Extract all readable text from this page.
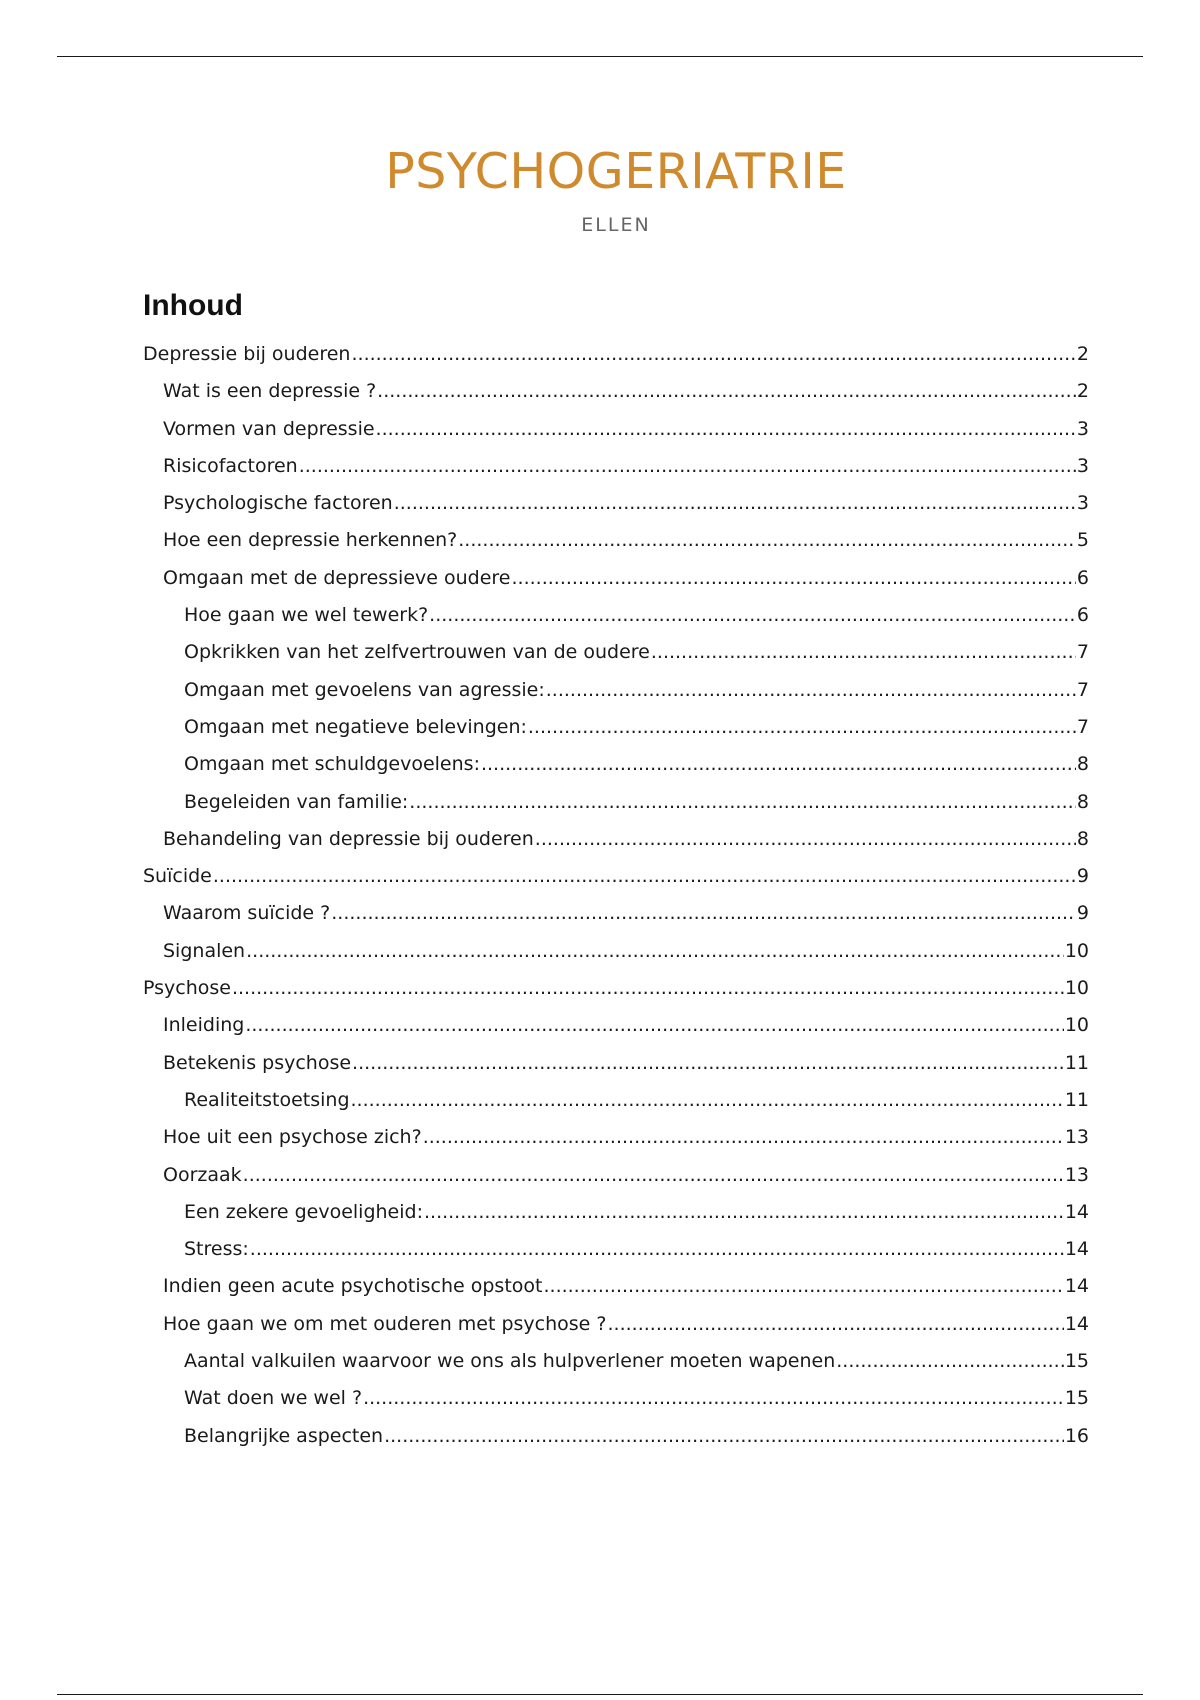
PSYCHOGERIATRIE
ELLEN
Inhoud
Depressie bij ouderen .....	2
Wat is een depressie ? .....	2
Vormen van depressie .....	3
Risicofactoren .....	3
Psychologische factoren .....	3
Hoe een depressie herkennen? .....	5
Omgaan met de depressieve oudere .....	6
Hoe gaan we wel tewerk? .....	6
Opkrikken van het zelfvertrouwen van de oudere .....	7
Omgaan met gevoelens van agressie: .....	7
Omgaan met negatieve belevingen: .....	7
Omgaan met schuldgevoelens: .....	8
Begeleiden van familie: .....	8
Behandeling van depressie bij ouderen .....	8
Suïcide .....	9
Waarom suïcide ? .....	9
Signalen .....	10
Psychose .....	10
Inleiding .....	10
Betekenis psychose .....	11
Realiteitstoetsing .....	11
Hoe uit een psychose zich? .....	13
Oorzaak .....	13
Een zekere gevoeligheid: .....	14
Stress: .....	14
Indien geen acute psychotische opstoot .....	14
Hoe gaan we om met ouderen met psychose ? .....	14
Aantal valkuilen waarvoor we ons als hulpverlener moeten wapenen .....	15
Wat doen we wel ? .....	15
Belangrijke aspecten .....	16
